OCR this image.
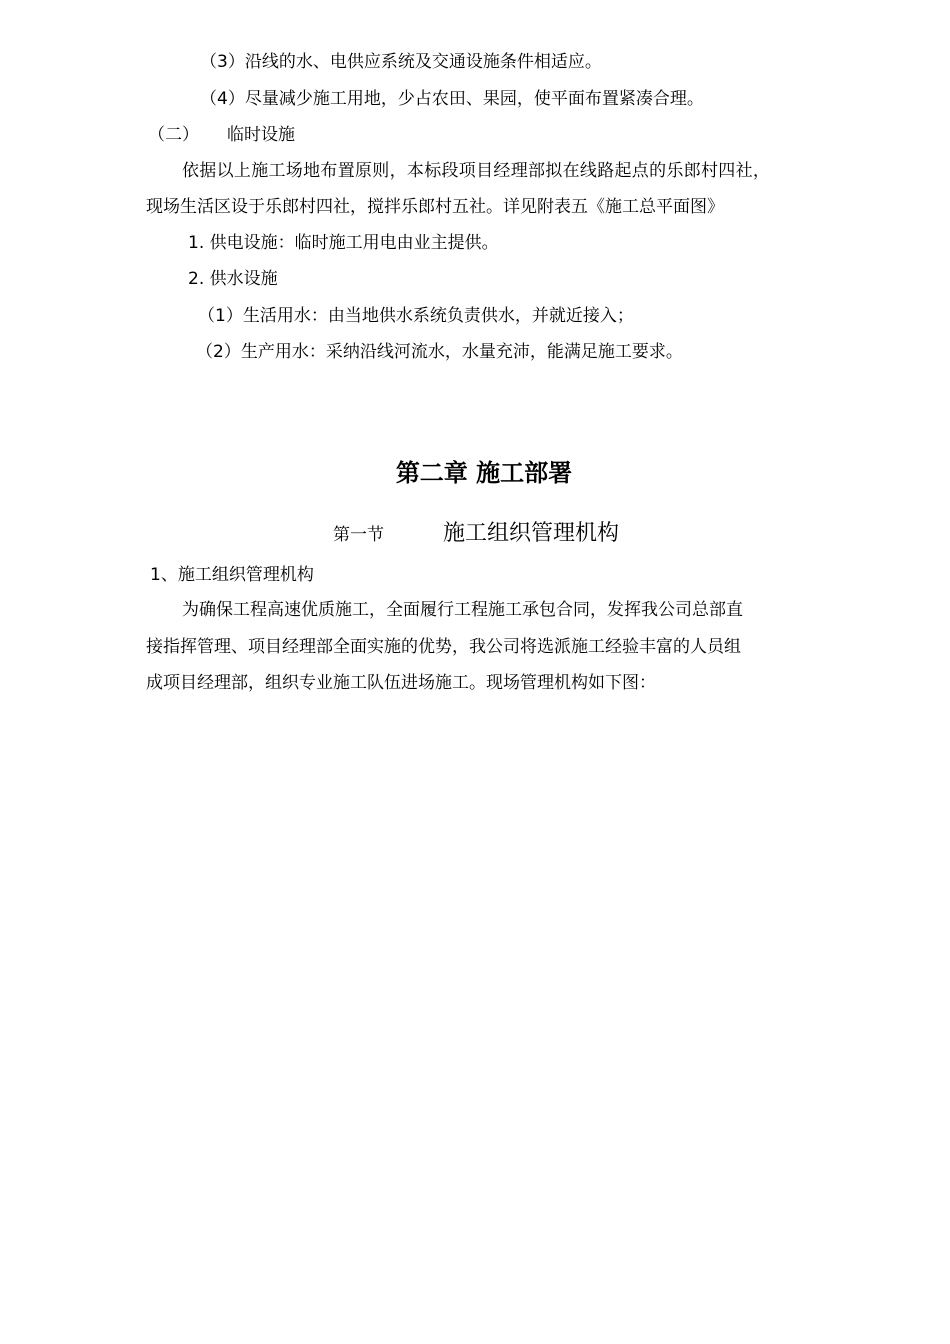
（3）沿线的水、电供应系统及交通设施条件相适应。
（4）尽量减少施工用地，少占农田、果园，使平面布置紧凑合理。
（二） 临时设施
依据以上施工场地布置原则，本标段项目经理部拟在线路起点的乐郎村四社，
现场生活区设于乐郎村四社，搅拌乐郎村五社。详见附表五《施工总平面图》
1. 供电设施：临时施工用电由业主提供。
2. 供水设施
（1）生活用水：由当地供水系统负责供水，并就近接入；
（2）生产用水：采纳沿线河流水，水量充沛，能满足施工要求。
第二章 施工部署
第一节	施工组织管理机构
1、施工组织管理机构
为确保工程高速优质施工，全面履行工程施工承包合同，发挥我公司总部直
接指挥管理、项目经理部全面实施的优势，我公司将选派施工经验丰富的人员组
成项目经理部，组织专业施工队伍进场施工。现场管理机构如下图：
